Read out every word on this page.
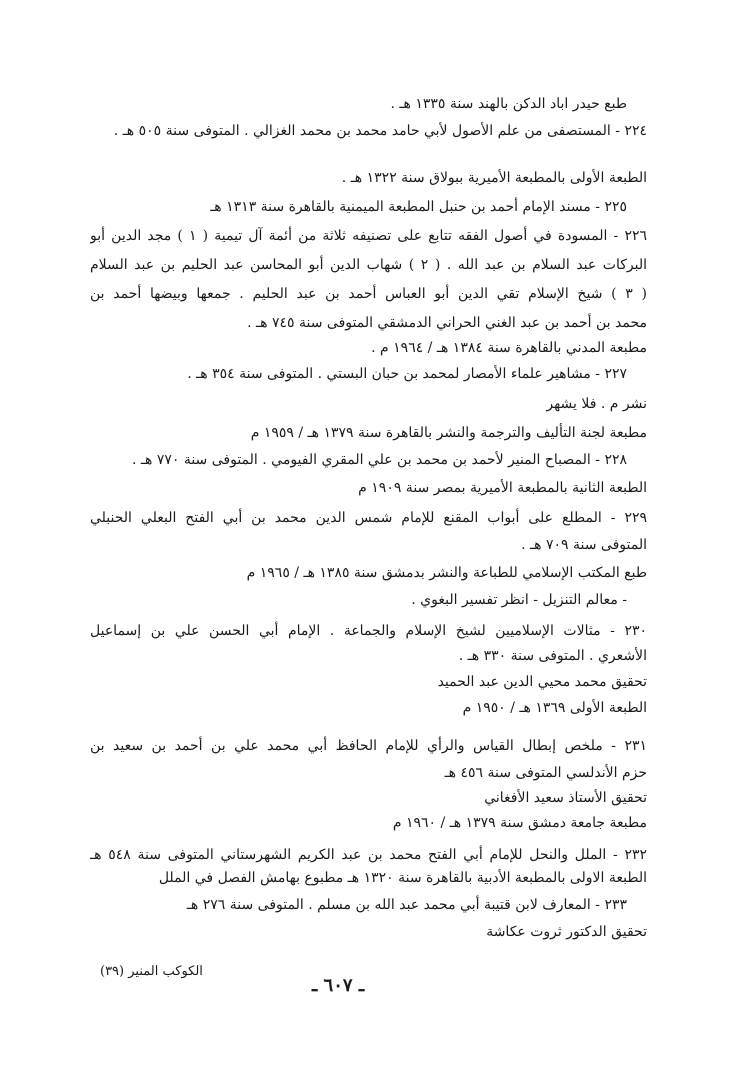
طبع حيدر اباد الدكن بالهند سنة ١٣٣٥ هـ .
٢٢٤ - المستصفى من علم الأصول لأبي حامد محمد بن محمد الغزالي . المتوفى سنة ٥٠٥ هـ .
الطبعة الأولى بالمطبعة الأميرية ببولاق سنة ١٣٢٢ هـ .
٢٢٥ - مسند الإمام أحمد بن حنبل المطبعة الميمنية بالقاهرة سنة ١٣١٣ هـ
٢٢٦ - المسودة في أصول الفقه تتابع على تصنيفه ثلاثة من أئمة آل تيمية ( ١ ) مجد الدين أبو
البركات عبد السلام بن عبد الله . ( ٢ ) شهاب الدين أبو المحاسن عبد الحليم بن عبد السلام
( ٣ ) شيخ الإسلام تقي الدين أبو العباس أحمد بن عبد الحليم . جمعها وبيضها أحمد بن
محمد بن أحمد بن عبد الغني الحراني الدمشقي المتوفى سنة ٧٤٥ هـ .
مطبعة المدني بالقاهرة سنة ١٣٨٤ هـ / ١٩٦٤ م .
٢٢٧ - مشاهير علماء الأمصار لمحمد بن حبان البستي . المتوفى سنة ٣٥٤ هـ .
نشر م . فلا يشهر
مطبعة لجنة التأليف والترجمة والنشر بالقاهرة سنة ١٣٧٩ هـ / ١٩٥٩ م
٢٢٨ - المصباح المنير لأحمد بن محمد بن علي المقري الفيومي . المتوفى سنة ٧٧٠ هـ .
الطبعة الثانية بالمطبعة الأميرية بمصر سنة ١٩٠٩ م
٢٢٩ - المطلع على أبواب المقنع للإمام شمس الدين محمد بن أبي الفتح البعلي الحنبلي
المتوفى سنة ٧٠٩ هـ .
طبع المكتب الإسلامي للطباعة والنشر بدمشق سنة ١٣٨٥ هـ / ١٩٦٥ م
- معالم التنزيل - انظر تفسير البغوي .
٢٣٠ - مثالات الإسلاميين لشيخ الإسلام والجماعة . الإمام أبي الحسن علي بن إسماعيل
الأشعري . المتوفى سنة ٣٣٠ هـ .
تحقيق محمد محيي الدين عبد الحميد
الطبعة الأولى ١٣٦٩ هـ / ١٩٥٠ م
٢٣١ - ملخص إبطال القياس والرأي للإمام الحافظ أبي محمد علي بن أحمد بن سعيد بن
حزم الأندلسي المتوفى سنة ٤٥٦ هـ
تحقيق الأستاذ سعيد الأفغاني
مطبعة جامعة دمشق سنة ١٣٧٩ هـ / ١٩٦٠ م
٢٣٢ - الملل والنحل للإمام أبي الفتح محمد بن عبد الكريم الشهرستاني المتوفى سنة ٥٤٨ هـ
الطبعة الاولى بالمطبعة الأدبية بالقاهرة سنة ١٣٢٠ هـ مطبوع بهامش الفصل في الملل
٢٣٣ - المعارف لابن قتيبة أبي محمد عبد الله بن مسلم . المتوفى سنة ٢٧٦ هـ
تحقيق الدكتور ثروت عكاشة
الكوكب المنير (٣٩)
ـ ٦٠٧ ـ
